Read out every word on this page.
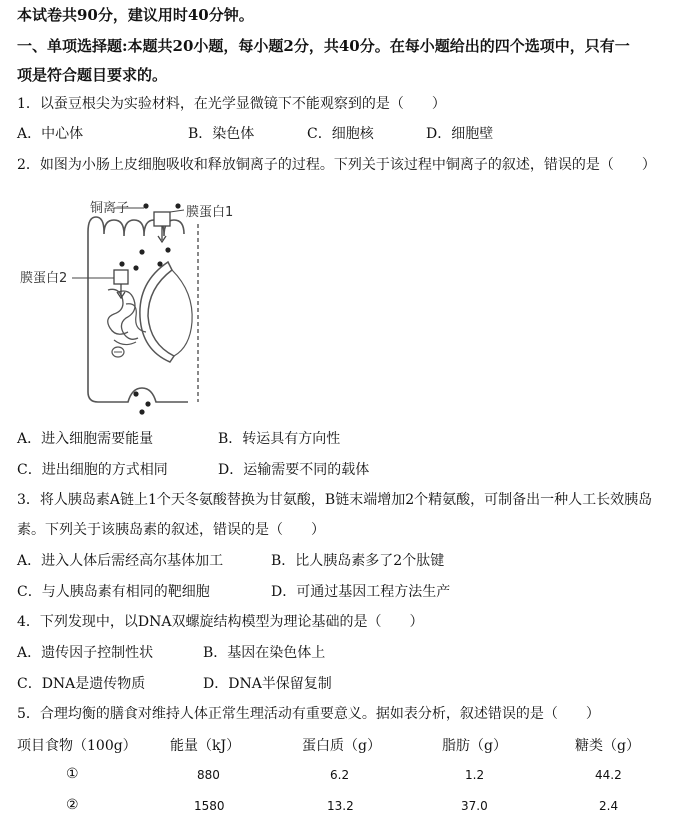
本试卷共90分，建议用时40分钟。
一、单项选择题:本题共20小题，每小题2分，共40分。在每小题给出的四个选项中，只有一
项是符合题目要求的。
1．以蚕豆根尖为实验材料，在光学显微镜下不能观察到的是（　　）
A．中心体	B．染色体	C．细胞核	D．细胞壁
2．如图为小肠上皮细胞吸收和释放铜离子的过程。下列关于该过程中铜离子的叙述，错误的是（　　）
铜离子	膜蛋白1
膜蛋白2
A．进入细胞需要能量	B．转运具有方向性
C．进出细胞的方式相同	D．运输需要不同的载体
3．将人胰岛素A链上1个天冬氨酸替换为甘氨酸，B链末端增加2个精氨酸，可制备出一种人工长效胰岛
素。下列关于该胰岛素的叙述，错误的是（　　）
A．进入人体后需经高尔基体加工	B．比人胰岛素多了2个肽键
C．与人胰岛素有相同的靶细胞	D．可通过基因工程方法生产
4．下列发现中，以DNA双螺旋结构模型为理论基础的是（　　）
A．遗传因子控制性状	B．基因在染色体上
C．DNA是遗传物质	D．DNA半保留复制
5．合理均衡的膳食对维持人体正常生理活动有重要意义。据如表分析，叙述错误的是（　　）
项目食物（100g） 能量（kJ）	蛋白质（g）	脂肪（g）	糖类（g）
①	880	6.2	1.2	44.2
②	1580	13.2	37.0	2.4
